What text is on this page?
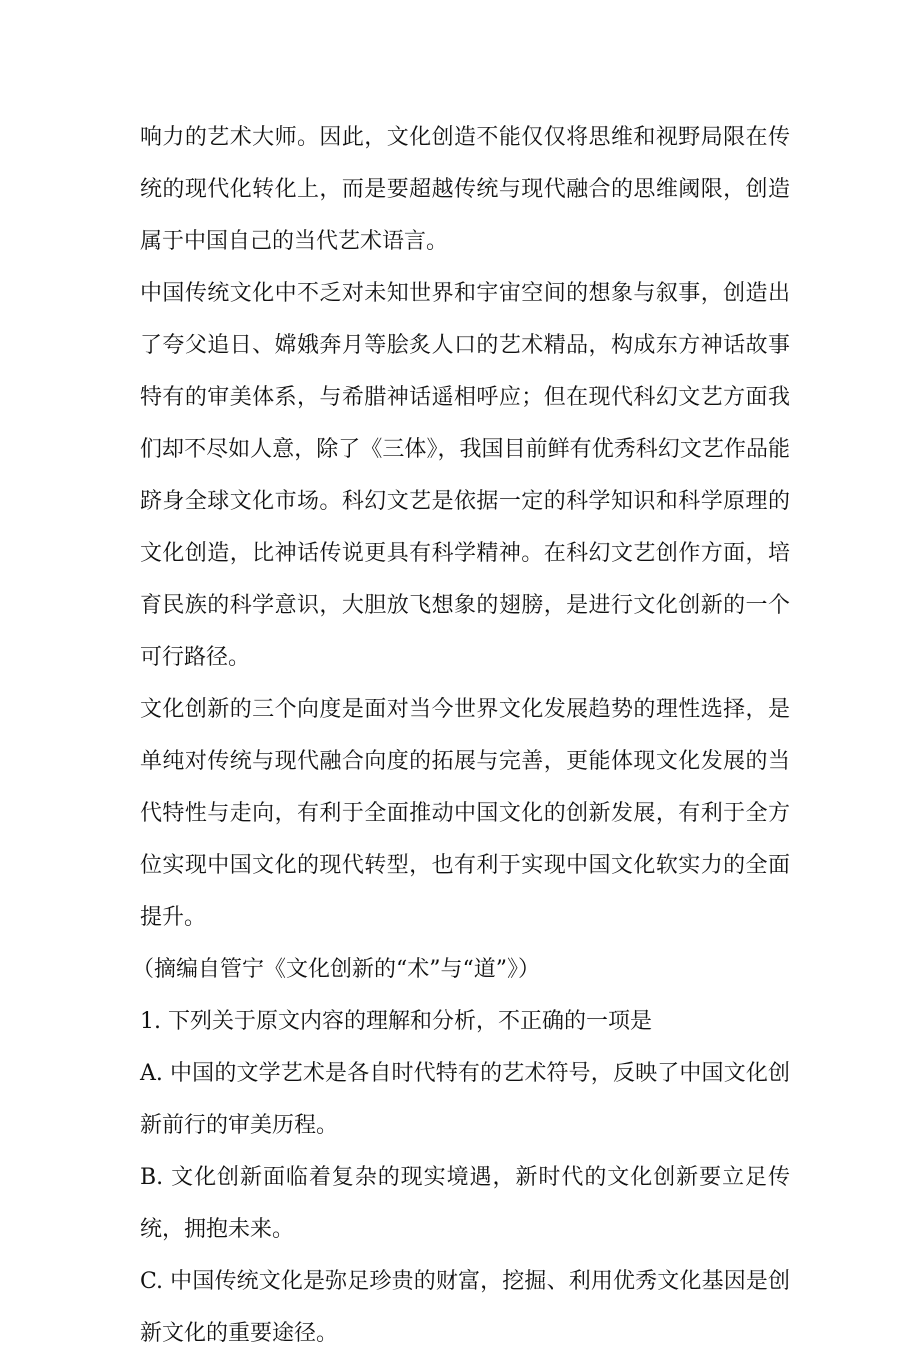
响力的艺术大师。因此，文化创造不能仅仅将思维和视野局限在传统的现代化转化上，而是要超越传统与现代融合的思维阈限，创造属于中国自己的当代艺术语言。

中国传统文化中不乏对未知世界和宇宙空间的想象与叙事，创造出了夸父追日、嫦娥奔月等脍炙人口的艺术精品，构成东方神话故事特有的审美体系，与希腊神话遥相呼应；但在现代科幻文艺方面我们却不尽如人意，除了《三体》，我国目前鲜有优秀科幻文艺作品能跻身全球文化市场。科幻文艺是依据一定的科学知识和科学原理的文化创造，比神话传说更具有科学精神。在科幻文艺创作方面，培育民族的科学意识，大胆放飞想象的翅膀，是进行文化创新的一个可行路径。

文化创新的三个向度是面对当今世界文化发展趋势的理性选择，是单纯对传统与现代融合向度的拓展与完善，更能体现文化发展的当代特性与走向，有利于全面推动中国文化的创新发展，有利于全方位实现中国文化的现代转型，也有利于实现中国文化软实力的全面提升。

（摘编自管宁《文化创新的“术”与“道”》）

1. 下列关于原文内容的理解和分析，不正确的一项是

A. 中国的文学艺术是各自时代特有的艺术符号，反映了中国文化创新前行的审美历程。

B. 文化创新面临着复杂的现实境遇，新时代的文化创新要立足传统，拥抱未来。

C. 中国传统文化是弥足珍贵的财富，挖掘、利用优秀文化基因是创新文化的重要途径。
